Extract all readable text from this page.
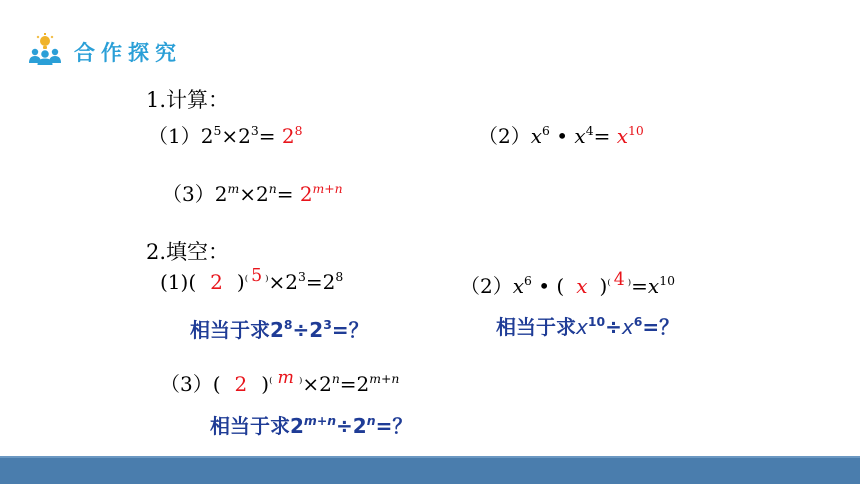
合作探究
1.计算：
$(1)2^5\times 2^3= 2^8$	$(2)x^6$ • $x^4= x^{10}$
$(3)2^m\times 2^n= 2^{m+n}$
2.填空：
(1)( 2 )$^{( 5 )}\times 2^3=2^8$
相当于求$2^8\div 2^3=$？
$(2)x^6$ • ( x )$^{( 4 )}=x^{10}$
相当于求$x^{10}\div x^6=$？
（3）( 2 )$^{( m )}\times 2^n=2^{m+n}$
相当于求$2^{m+n}\div 2^n=$？
